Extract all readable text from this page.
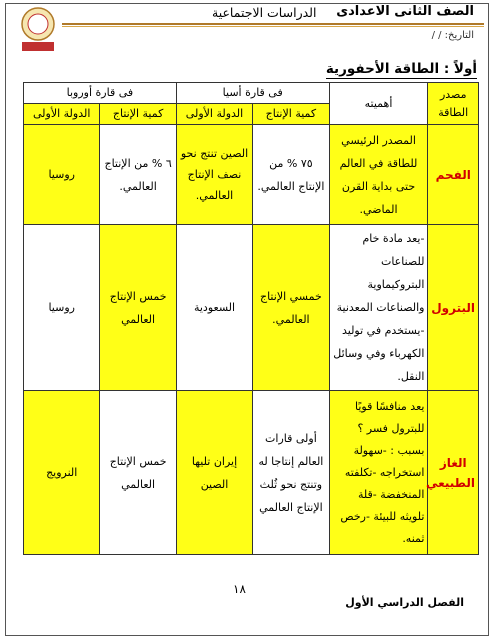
الصف الثانى الاعدادى
الدراسات الاجتماعية
التاريخ: / /
أولاً : الطاقة الأحفورية
مصدر الطاقة	أهميته	فى قارة أسيا		فى قارة أوروبا	
		كمية الإنتاج	الدولة الأولى	كمية الإنتاج	الدولة الأولى
الفحم	المصدر الرئيسي للطاقة في العالم حتى بداية القرن الماضي.	٧٥ % من الإنتاج العالمي.	الصين تنتج نحو نصف الإنتاج العالمي.	٦ % من الإنتاج العالمي.	روسيا
البترول	-يعد مادة خام للصناعات البتروكيماوية والصناعات المعدنية -يستخدم في توليد الكهرباء وفي وسائل النقل.	خمسي الإنتاج العالمي.	السعودية	خمس الإنتاج العالمي	روسيا
الغاز الطبيعي	يعد منافسًا قويًا للبترول فسر ؟ بسبب : -سهولة استخراجه -تكلفته المنخفضة -قلة تلويثه للبيئة -رخص ثمنه.	أولى قارات العالم إنتاجا له وتنتج نحو ثُلث الإنتاج العالمي	إيران تليها الصين	خمس الإنتاج العالمي	النرويج
١٨
الفصل الدراسي الأول
